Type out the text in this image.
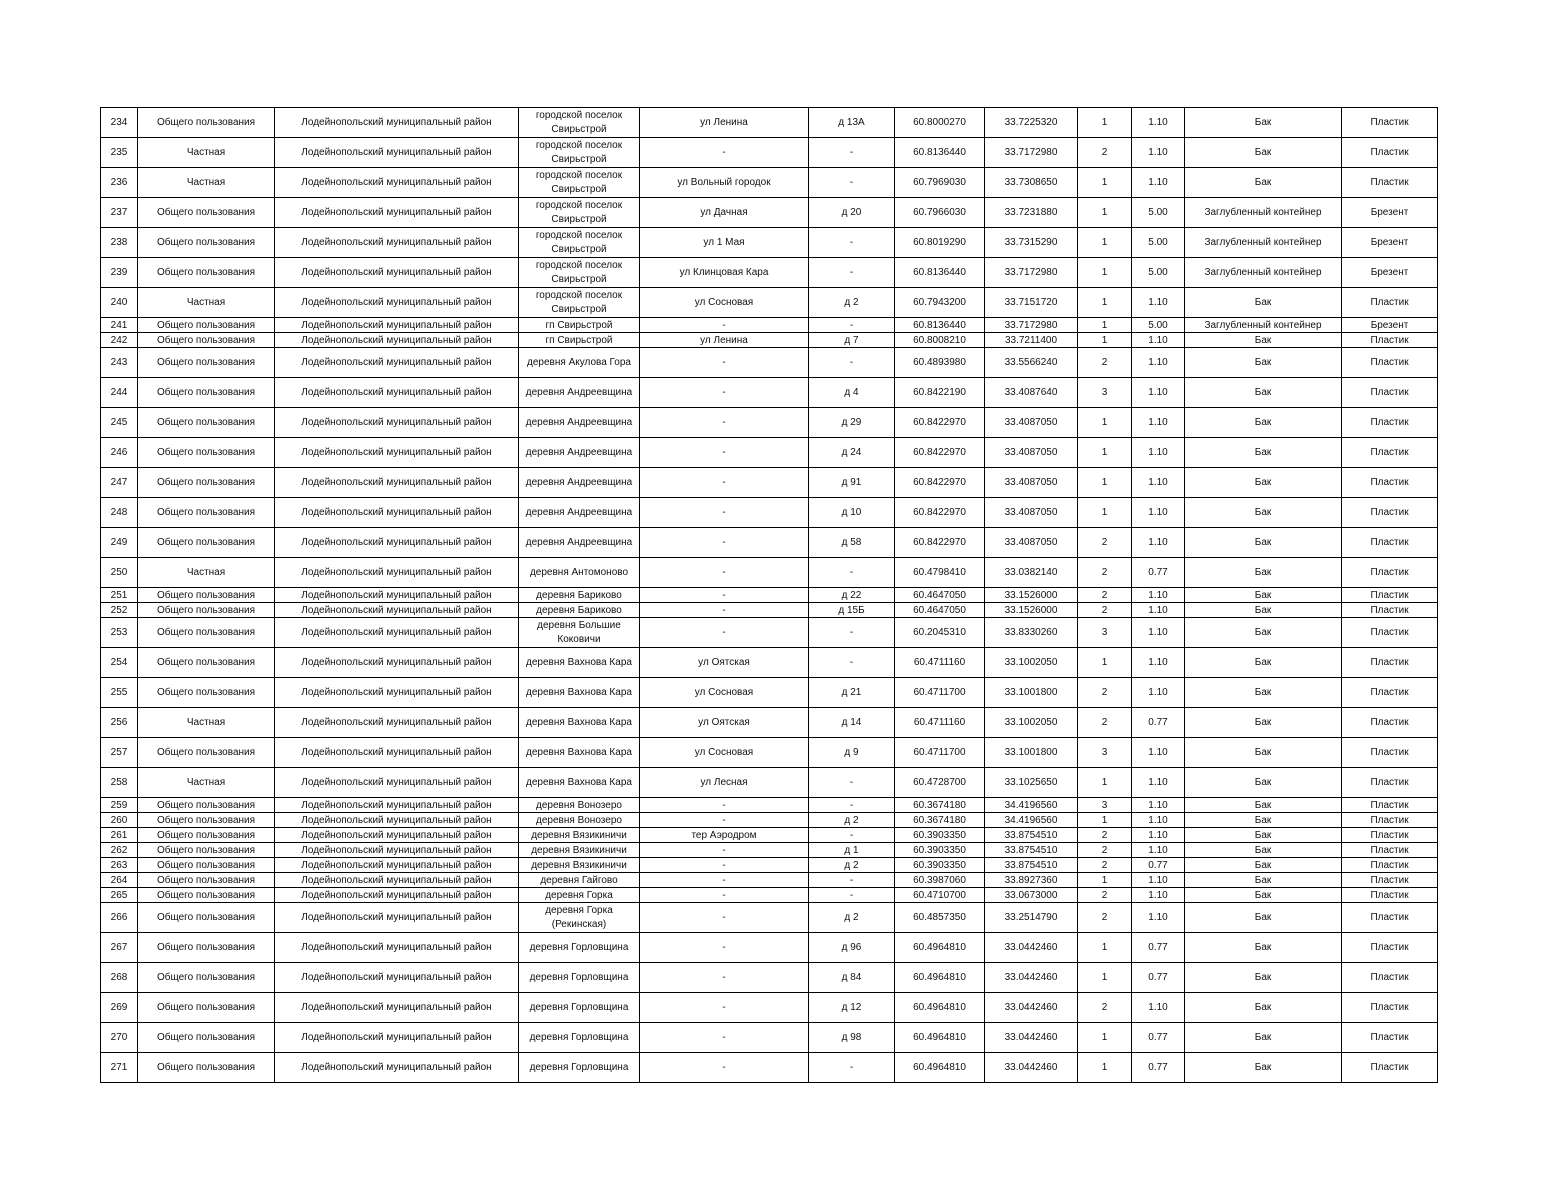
234	Общего пользования	Лодейнопольский муниципальный район	городской поселок Свирьстрой	ул Ленина	д 13А	60.8000270	33.7225320	1	1.10	Бак	Пластик
235	Частная	Лодейнопольский муниципальный район	городской поселок Свирьстрой	-	-	60.8136440	33.7172980	2	1.10	Бак	Пластик
236	Частная	Лодейнопольский муниципальный район	городской поселок Свирьстрой	ул Вольный городок	-	60.7969030	33.7308650	1	1.10	Бак	Пластик
237	Общего пользования	Лодейнопольский муниципальный район	городской поселок Свирьстрой	ул Дачная	д 20	60.7966030	33.7231880	1	5.00	Заглубленный контейнер	Брезент
238	Общего пользования	Лодейнопольский муниципальный район	городской поселок Свирьстрой	ул 1 Мая	-	60.8019290	33.7315290	1	5.00	Заглубленный контейнер	Брезент
239	Общего пользования	Лодейнопольский муниципальный район	городской поселок Свирьстрой	ул Клинцовая Кара	-	60.8136440	33.7172980	1	5.00	Заглубленный контейнер	Брезент
240	Частная	Лодейнопольский муниципальный район	городской поселок Свирьстрой	ул Сосновая	д 2	60.7943200	33.7151720	1	1.10	Бак	Пластик
241	Общего пользования	Лодейнопольский муниципальный район	гп Свирьстрой	-	-	60.8136440	33.7172980	1	5.00	Заглубленный контейнер	Брезент
242	Общего пользования	Лодейнопольский муниципальный район	гп Свирьстрой	ул Ленина	д 7	60.8008210	33.7211400	1	1.10	Бак	Пластик
243	Общего пользования	Лодейнопольский муниципальный район	деревня Акулова Гора	-	-	60.4893980	33.5566240	2	1.10	Бак	Пластик
244	Общего пользования	Лодейнопольский муниципальный район	деревня Андреевщина	-	д 4	60.8422190	33.4087640	3	1.10	Бак	Пластик
245	Общего пользования	Лодейнопольский муниципальный район	деревня Андреевщина	-	д 29	60.8422970	33.4087050	1	1.10	Бак	Пластик
246	Общего пользования	Лодейнопольский муниципальный район	деревня Андреевщина	-	д 24	60.8422970	33.4087050	1	1.10	Бак	Пластик
247	Общего пользования	Лодейнопольский муниципальный район	деревня Андреевщина	-	д 91	60.8422970	33.4087050	1	1.10	Бак	Пластик
248	Общего пользования	Лодейнопольский муниципальный район	деревня Андреевщина	-	д 10	60.8422970	33.4087050	1	1.10	Бак	Пластик
249	Общего пользования	Лодейнопольский муниципальный район	деревня Андреевщина	-	д 58	60.8422970	33.4087050	2	1.10	Бак	Пластик
250	Частная	Лодейнопольский муниципальный район	деревня Антомоново	-	-	60.4798410	33.0382140	2	0.77	Бак	Пластик
251	Общего пользования	Лодейнопольский муниципальный район	деревня Бариково	-	д 22	60.4647050	33.1526000	2	1.10	Бак	Пластик
252	Общего пользования	Лодейнопольский муниципальный район	деревня Бариково	-	д 15Б	60.4647050	33.1526000	2	1.10	Бак	Пластик
253	Общего пользования	Лодейнопольский муниципальный район	деревня Большие Коковичи	-	-	60.2045310	33.8330260	3	1.10	Бак	Пластик
254	Общего пользования	Лодейнопольский муниципальный район	деревня Вахнова Кара	ул Оятская	-	60.4711160	33.1002050	1	1.10	Бак	Пластик
255	Общего пользования	Лодейнопольский муниципальный район	деревня Вахнова Кара	ул Сосновая	д 21	60.4711700	33.1001800	2	1.10	Бак	Пластик
256	Частная	Лодейнопольский муниципальный район	деревня Вахнова Кара	ул Оятская	д 14	60.4711160	33.1002050	2	0.77	Бак	Пластик
257	Общего пользования	Лодейнопольский муниципальный район	деревня Вахнова Кара	ул Сосновая	д 9	60.4711700	33.1001800	3	1.10	Бак	Пластик
258	Частная	Лодейнопольский муниципальный район	деревня Вахнова Кара	ул Лесная	-	60.4728700	33.1025650	1	1.10	Бак	Пластик
259	Общего пользования	Лодейнопольский муниципальный район	деревня Вонозеро	-	-	60.3674180	34.4196560	3	1.10	Бак	Пластик
260	Общего пользования	Лодейнопольский муниципальный район	деревня Вонозеро	-	д 2	60.3674180	34.4196560	1	1.10	Бак	Пластик
261	Общего пользования	Лодейнопольский муниципальный район	деревня Вязикиничи	тер Аэродром	-	60.3903350	33.8754510	2	1.10	Бак	Пластик
262	Общего пользования	Лодейнопольский муниципальный район	деревня Вязикиничи	-	д 1	60.3903350	33.8754510	2	1.10	Бак	Пластик
263	Общего пользования	Лодейнопольский муниципальный район	деревня Вязикиничи	-	д 2	60.3903350	33.8754510	2	0.77	Бак	Пластик
264	Общего пользования	Лодейнопольский муниципальный район	деревня Гайгово	-	-	60.3987060	33.8927360	1	1.10	Бак	Пластик
265	Общего пользования	Лодейнопольский муниципальный район	деревня Горка	-	-	60.4710700	33.0673000	2	1.10	Бак	Пластик
266	Общего пользования	Лодейнопольский муниципальный район	деревня Горка (Рекинская)	-	д 2	60.4857350	33.2514790	2	1.10	Бак	Пластик
267	Общего пользования	Лодейнопольский муниципальный район	деревня Горловщина	-	д 96	60.4964810	33.0442460	1	0.77	Бак	Пластик
268	Общего пользования	Лодейнопольский муниципальный район	деревня Горловщина	-	д 84	60.4964810	33.0442460	1	0.77	Бак	Пластик
269	Общего пользования	Лодейнопольский муниципальный район	деревня Горловщина	-	д 12	60.4964810	33.0442460	2	1.10	Бак	Пластик
270	Общего пользования	Лодейнопольский муниципальный район	деревня Горловщина	-	д 98	60.4964810	33.0442460	1	0.77	Бак	Пластик
271	Общего пользования	Лодейнопольский муниципальный район	деревня Горловщина	-	-	60.4964810	33.0442460	1	0.77	Бак	Пластик
